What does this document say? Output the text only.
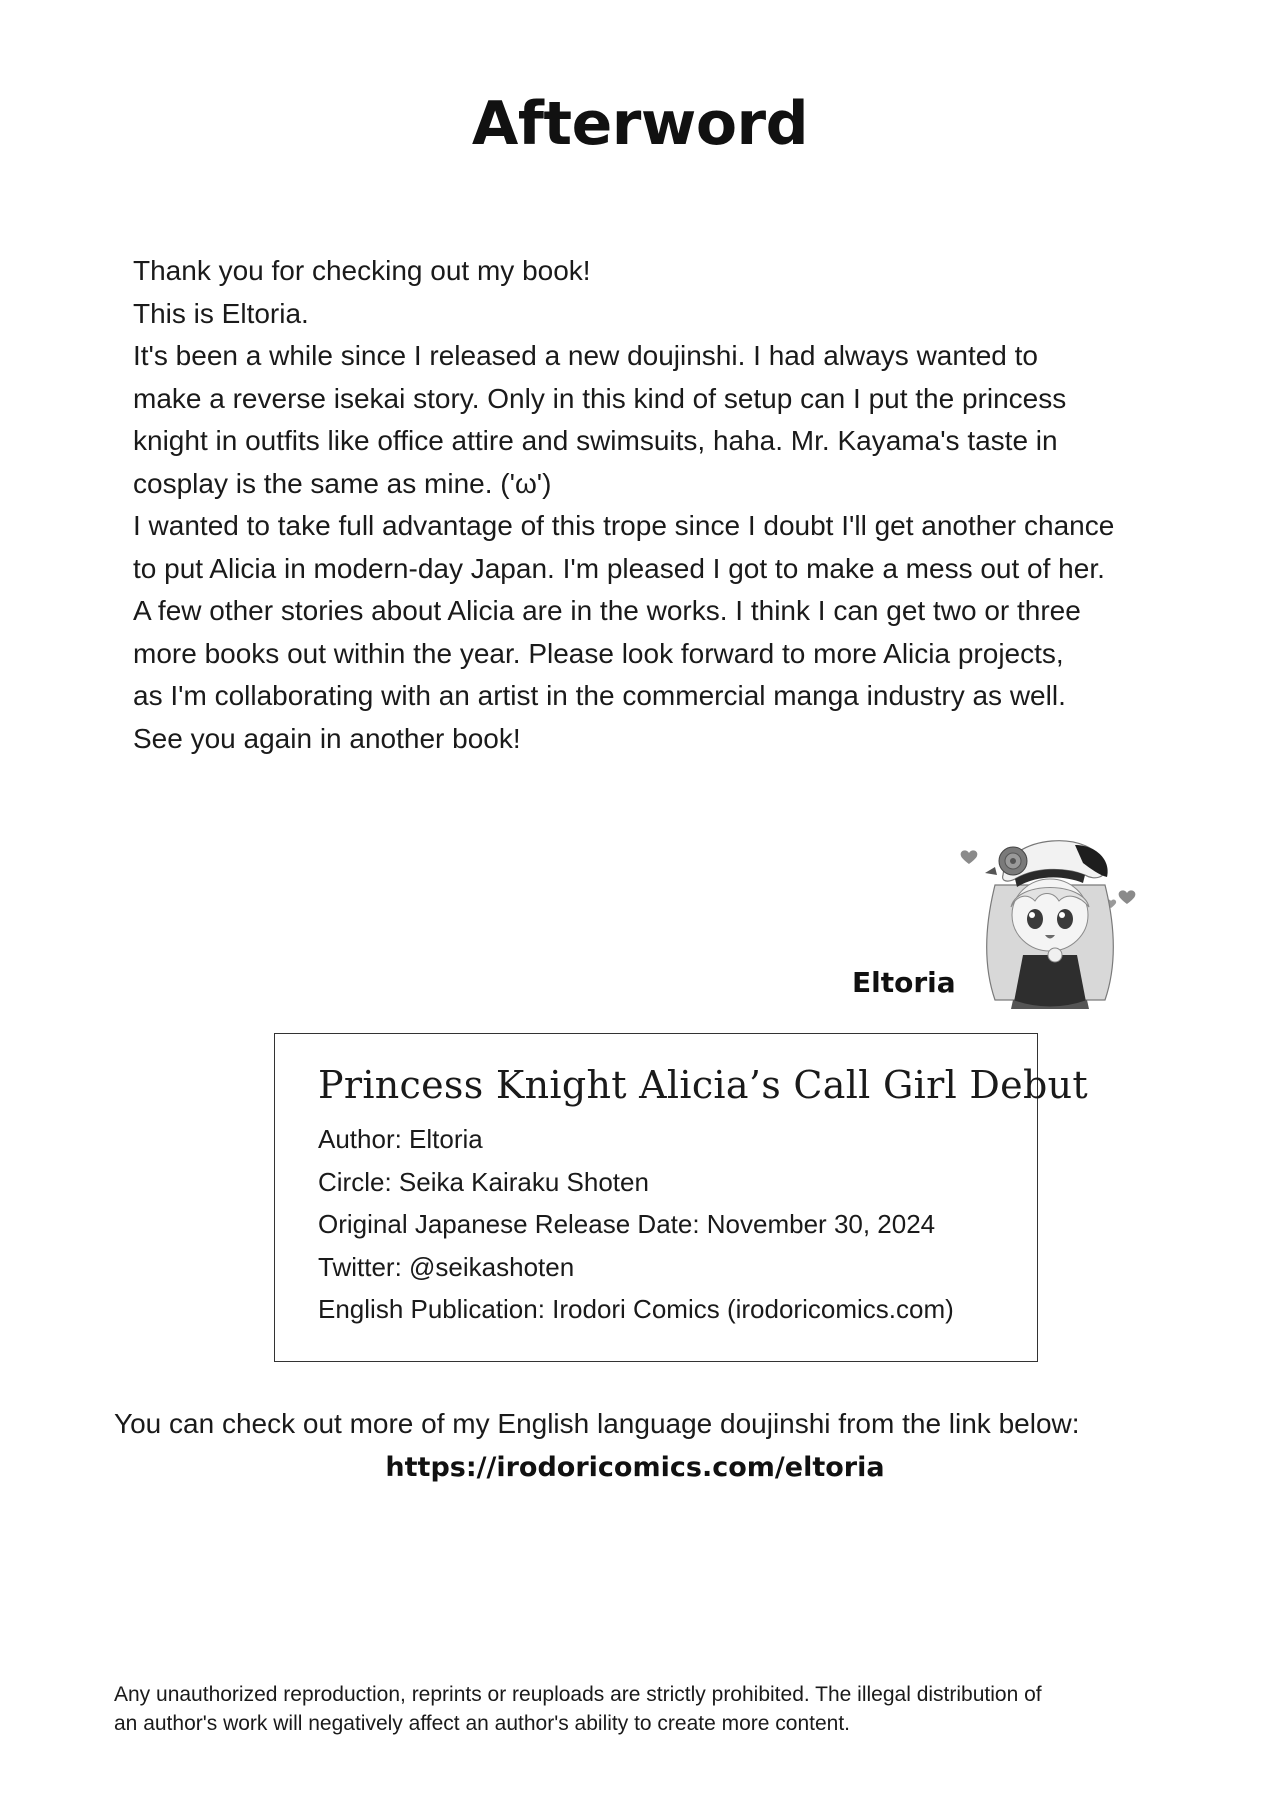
Afterword
Thank you for checking out my book!
This is Eltoria.
It's been a while since I released a new doujinshi. I had always wanted to
make a reverse isekai story. Only in this kind of setup can I put the princess
knight in outfits like office attire and swimsuits, haha. Mr. Kayama's taste in
cosplay is the same as mine. ('ω')
I wanted to take full advantage of this trope since I doubt I'll get another chance
to put Alicia in modern-day Japan. I'm pleased I got to make a mess out of her.
A few other stories about Alicia are in the works. I think I can get two or three
more books out within the year. Please look forward to more Alicia projects,
as I'm collaborating with an artist in the commercial manga industry as well.
See you again in another book!
Eltoria
Princess Knight Alicia’s Call Girl Debut
Author: Eltoria
Circle: Seika Kairaku Shoten
Original Japanese Release Date: November 30, 2024
Twitter: @seikashoten
English Publication: Irodori Comics (irodoricomics.com)
You can check out more of my English language doujinshi from the link below:
https://irodoricomics.com/eltoria
Any unauthorized reproduction, reprints or reuploads are strictly prohibited. The illegal distribution of
an author's work will negatively affect an author's ability to create more content.
